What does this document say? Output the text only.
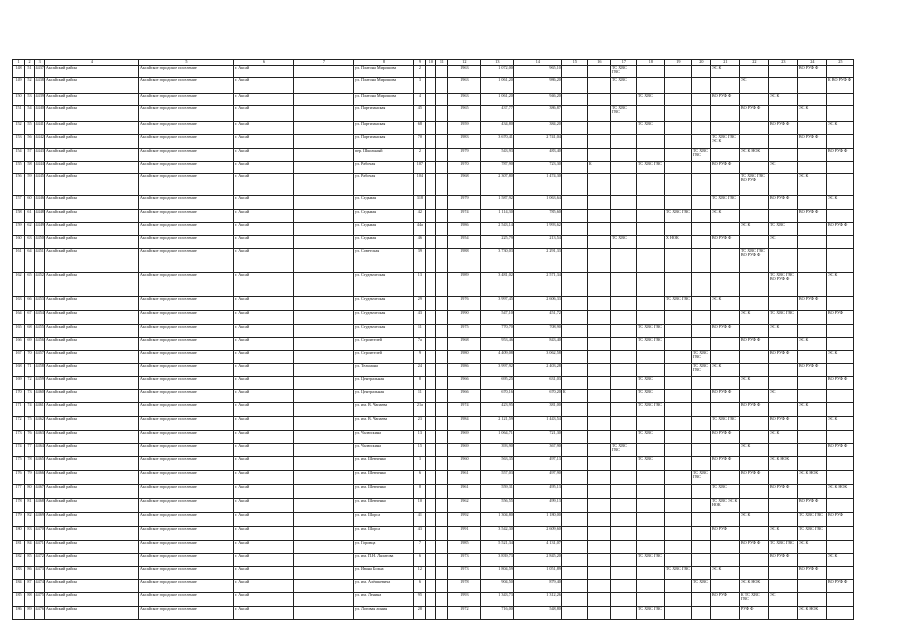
1	2	3	4	5	6	7	8	9	10	11	12	13	14	15	16	17	18	19	20	21	22	23	24	25
148	51	4437	Аксайский район	Аксайское городское поселение	г. Аксай		ул. Платона Мирошова	2			1963	1 072,00	965,10			ТС ХВС ГВС				ЭС К			ВО РУФ Ф	
149	52	4438	Аксайский район	Аксайское городское поселение	г. Аксай		ул. Платона Мирошова	3			1963	1 061,20	986,20			ТС ХВС					ЭС			К ВО РУФ Ф
150	53	4439	Аксайский район	Аксайское городское поселение	г. Аксай		ул. Платона Мирошова	4			1963	1 061,20	946,20				ТС ХВС			ВО РУФ Ф		ЭС К		
151	54	4440	Аксайский район	Аксайское городское поселение	г. Аксай		ул. Партизанская	45			1965	437,77	386,87			ТС ХВС ГВС					ВО РУФ Ф		ЭС К	
152	55	4441	Аксайский район	Аксайское городское поселение	г. Аксай		ул. Партизанская	68			1959	434,80	384,20				ТС ХВС					ВО РУФ Ф		ЭС К
153	56	4442	Аксайский район	Аксайское городское поселение	г. Аксай		ул. Партизанская	70			1983	3 670,41	2 741,04							ТС ХВС ГВС ЭС К			ВО РУФ Ф	
154	57	4443	Аксайский район	Аксайское городское поселение	г. Аксай		пер. Школьный	2			1979	543,93	483,40						ТС ХВС ГВС		ЭС К НОК			ВО РУФ Ф
155	58	4444	Аксайский район	Аксайское городское поселение	г. Аксай		ул. Рабочая	107			1970	787,90	723,30		К		ТС ХВС ГВС			ВО РУФ Ф		ЭС		
156	59	4445	Аксайский район	Аксайское городское поселение	г. Аксай		ул. Рабочая	104			1968	2 307,80	1 474,30								ТС ХВС ГВС ВО РУФ		ЭС К	
157	60	4446	Аксайский район	Аксайское городское поселение	г. Аксай		ул. Седьмая	318			1979	1 587,92	1 063,64							ТС ХВС ГВС		ВО РУФ Ф		ЭС К
158	61	4448	Аксайский район	Аксайское городское поселение	г. Аксай		ул. Седьмая	42			1974	1 114,30	785,60					ТС ХВС ГВС		ЭС К			ВО РУФ Ф	
159	62	4449	Аксайский район	Аксайское городское поселение	г. Аксай		ул. Седьмая	44а			1986	2 543,14	1 993,62								ЭС К	ТС ХВС		ВО РУФ Ф
160	63	4450	Аксайский район	Аксайское городское поселение	г. Аксай		ул. Седьмая	46			1954	225,79	213,54			ТС ХВС		Х НОК		ВО РУФ Ф		ЭС		
161	64	4451	Аксайский район	Аксайское городское поселение	г. Аксай		ул. Советская	39			1988	3 730,03	2 291,33								ТС ХВС ГВС ВО РУФ Ф			
162	65	4452	Аксайский район	Аксайское городское поселение	г. Аксай		ул. Студенческая	13			1989	3 481,02	2 571,34									ТС ХВС ГВС ВО РУФ Ф		ЭС К
163	66	4453	Аксайский район	Аксайское городское поселение	г. Аксай		ул. Студенческая	29			1976	3 997,45	2 606,33					ТС ХВС ГВС		ЭС К			ВО РУФ Ф	
164	67	4454	Аксайский район	Аксайское городское поселение	г. Аксай		ул. Студенческая	43			1990	547,10	451,72								ЭС К	ТС ХВС ГВС		ВО РУФ
165	68	4455	Аксайский район	Аксайское городское поселение	г. Аксай		ул. Студенческая	11			1975	770,70	708,90				ТС ХВС ГВС			ВО РУФ Ф		ЭС К		
166	69	4456	Аксайский район	Аксайское городское поселение	г. Аксай		ул. Строителей	7а			1968	953,46	843,40				ТС ХВС ГВС				ВО РУФ Ф		ЭС К	
167	70	4457	Аксайский район	Аксайское городское поселение	г. Аксай		ул. Строителей	9			1980	4 409,08	3 062,58						ТС ХВС ГВС			ВО РУФ Ф		ЭС К
168	71	4458	Аксайский район	Аксайское городское поселение	г. Аксай		ул. Тельмана	24			1986	3 997,92	2 403,28						ТС ХВС ГВС	ЭС К			ВО РУФ Ф	
169	72	4459	Аксайский район	Аксайское городское поселение	г. Аксай		ул. Центральная	8			1966	695,25	631,03				ТС ХВС				ЭС К			ВО РУФ Ф
170	73	4460	Аксайский район	Аксайское городское поселение	г. Аксай		ул. Центральная	11			1966	670,16	670,20	К			ТС ХВС			ВО РУФ Ф		ЭС		
171	74	4461	Аксайский район	Аксайское городское поселение	г. Аксай		ул. им. В. Чапаева	21а			1974	423,95	381,00				ТС ХВС ГВС				ВО РУФ Ф		ЭС К	
172	75	4462	Аксайский район	Аксайское городское поселение	г. Аксай		ул. им. В. Чапаева	23			1984	2 121,59	1 443,54							ТС ХВС ГВС		ВО РУФ Ф		ЭС К
173	76	4463	Аксайский район	Аксайское городское поселение	г. Аксай		ул. Чалюскина	13			1969	1 064,71	721,30				ТС ХВС			ВО РУФ Ф		ЭС К		
174	77	4464	Аксайский район	Аксайское городское поселение	г. Аксай		ул. Чалюскина	15			1969	393,90	367,90			ТС ХВС ГВС					ЭС К			ВО РУФ Ф
175	78	4465	Аксайский район	Аксайское городское поселение	г. Аксай		ул. им. Шевченко	3			1960	563,35	497,13				ТС ХВС			ВО РУФ Ф		ЭС К НОК		
176	79	4466	Аксайский район	Аксайское городское поселение	г. Аксай		ул. им. Шевченко	6			1961	557,03	497,90						ТС ХВС ГВС		ВО РУФ Ф		ЭС К НОК	
177	80	4467	Аксайский район	Аксайское городское поселение	г. Аксай		ул. им. Шевченко	8			1961	559,31	495,13							ТС ХВС		ВО РУФ Ф		ЭС К НОК
178	81	4468	Аксайский район	Аксайское городское поселение	г. Аксай		ул. им. Шевченко	10			1962	556,55	499,13							ТС ХВС ЭС К НОК			ВО РУФ Ф	
179	82	4469	Аксайский район	Аксайское городское поселение	г. Аксай		ул. им. Шорса	41			1992	1 304,80	1 180,00								ЭС К		ТС ХВС ГВС	ВО РУФ
180	83	4470	Аксайский район	Аксайское городское поселение	г. Аксай		ул. им. Шорса	43			1991	3 542,30	2 609,60							ВО РУФ		ЭС К	ТС ХВС ГВС	
181	84	4471	Аксайский район	Аксайское городское поселение	г. Аксай		ул. Горовца	7			1985	5 521,34	4 131,07								ВО РУФ Ф	ТС ХВС ГВС	ЭС К	
182	85	4472	Аксайский район	Аксайское городское поселение	г. Аксай		ул. им. П.Н. Лялатова	6			1973	3 839,73	2 845,20				ТС ХВС ГВС					ВО РУФ Ф		ЭС К
183	86	4473	Аксайский район	Аксайское городское поселение	г. Аксай		ул. Ивана Бохна	12			1973	1 804,59	1 051,89					ТС ХВС ГВС		ЭС К			ВО РУФ Ф	
184	87	4474	Аксайский район	Аксайское городское поселение	г. Аксай		ул. им. Алёшкевича	6			1978	904,50	879,40						ТС ХВС		ЭС К НОК			ВО РУФ Ф
185	88	4475	Аксайский район	Аксайское городское поселение	г. Аксай		ул. им. Ленина	95			1993	1 343,73	1 312,26							ВО РУФ	К ТС ХВС ГВС	ЭС		
186	89	4476	Аксайский район	Аксайское городское поселение	г. Аксай		ул. Логовая линия	28			1972	716,00	548,80				ТС ХВС ГВС				РУФ Ф		ЭС К НОК	
